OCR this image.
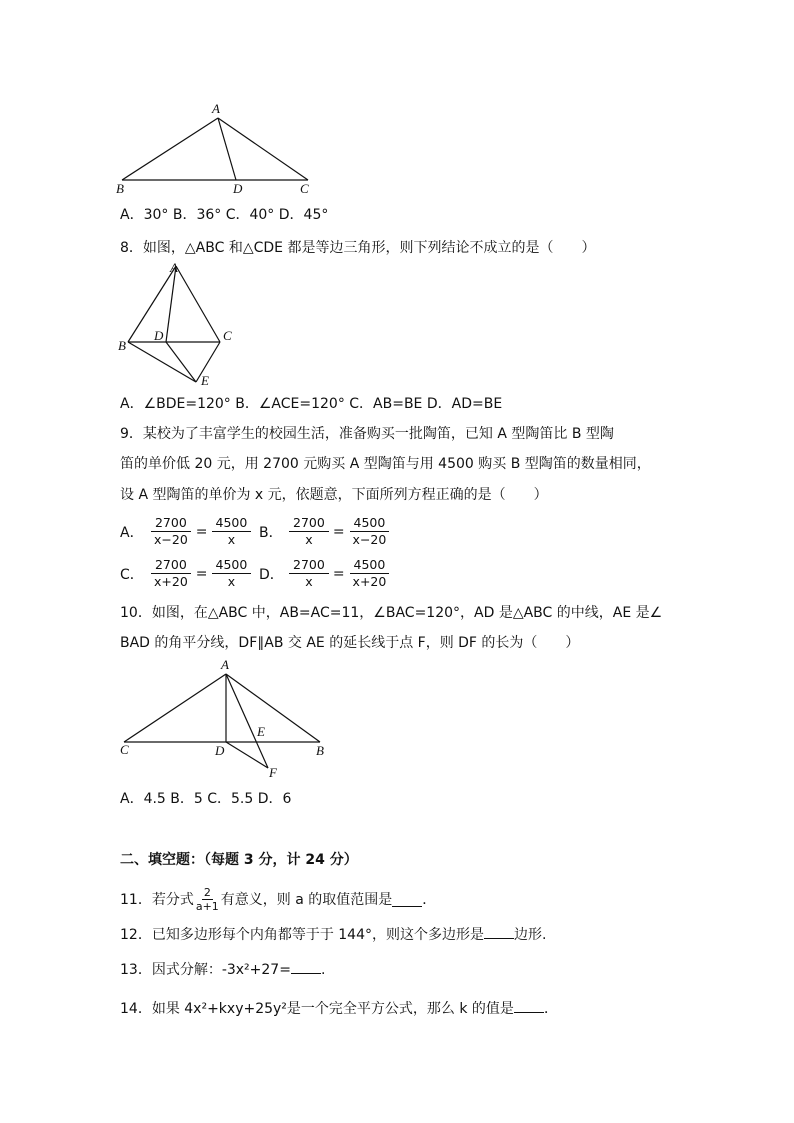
A
B	D	C
A．30° B．36° C．40° D．45°
8．如图，△ABC 和△CDE 都是等边三角形，则下列结论不成立的是（　　）
A
B
D	C
E
A．∠BDE=120° B．∠ACE=120° C．AB=BE D．AD=BE
9．某校为了丰富学生的校园生活，准备购买一批陶笛，已知 A 型陶笛比 B 型陶
笛的单价低 20 元，用 2700 元购买 A 型陶笛与用 4500 购买 B 型陶笛的数量相同，
设 A 型陶笛的单价为 x 元，依题意，下面所列方程正确的是（　　）
A． $\frac{2700}{x-20} = \frac{4500}{x}$ B． $\frac{2700}{x} = \frac{4500}{x-20}$
C． $\frac{2700}{x+20} = \frac{4500}{x}$ D． $\frac{2700}{x} = \frac{4500}{x+20}$
10．如图，在△ABC 中，AB=AC=11，∠BAC=120°，AD 是△ABC 的中线，AE 是∠
BAD 的角平分线，DF∥AB 交 AE 的延长线于点 F，则 DF 的长为（　　）
A
C	D
E
B
F
A．4.5 B．5 C．5.5 D．6
二、填空题：（每题 3 分，计 24 分）
11．若分式 $\frac{2}{a+1}$ 有意义，则 a 的取值范围是 ．
12．已知多边形每个内角都等于于 144°，则这个多边形是 边形.
13．因式分解：-3x²+27= .
14．如果 4x²+kxy+25y²是一个完全平方公式，那么 k 的值是 ．
